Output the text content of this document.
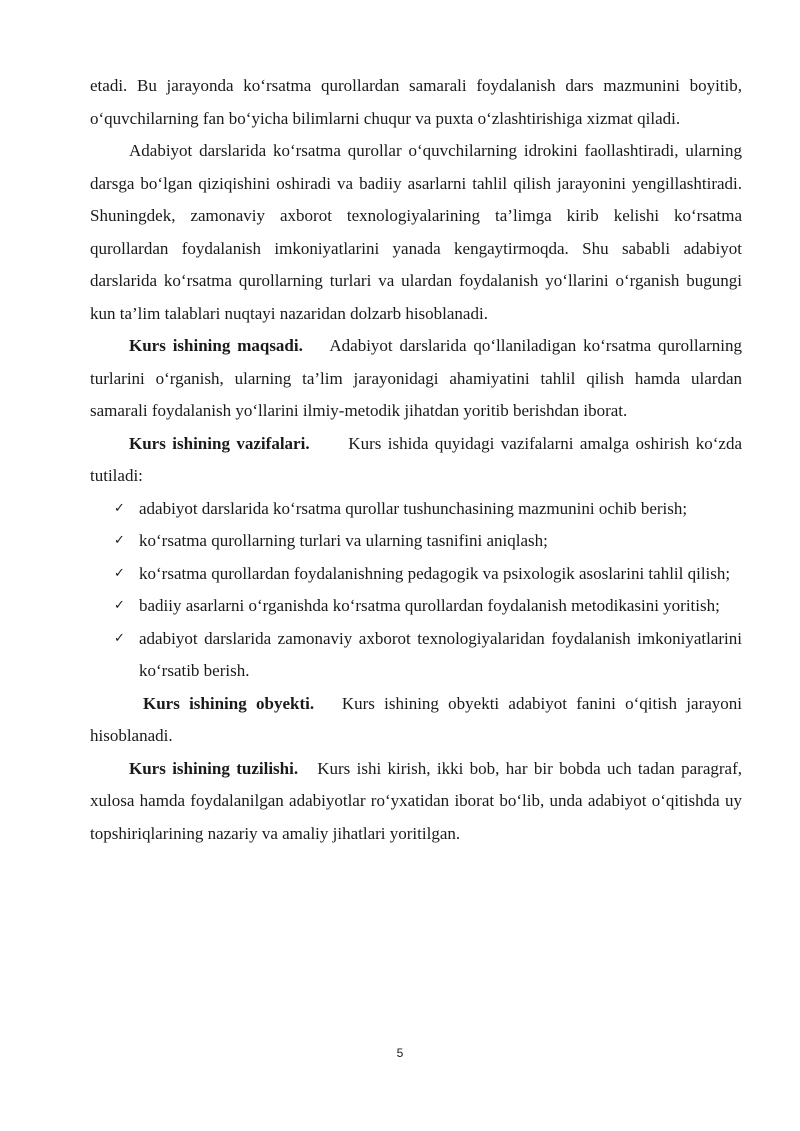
etadi. Bu jarayonda ko‘rsatma qurollardan samarali foydalanish dars mazmunini boyitib, o‘quvchilarning fan bo‘yicha bilimlarni chuqur va puxta o‘zlashtirishiga xizmat qiladi.

Adabiyot darslarida ko‘rsatma qurollar o‘quvchilarning idrokini faollashtiradi, ularning darsga bo‘lgan qiziqishini oshiradi va badiiy asarlarni tahlil qilish jarayonini yengillashtiradi. Shuningdek, zamonaviy axborot texnologiyalarining ta’limga kirib kelishi ko‘rsatma qurollardan foydalanish imkoniyatlarini yanada kengaytirmoqda. Shu sababli adabiyot darslarida ko‘rsatma qurollarning turlari va ulardan foydalanish yo‘llarini o‘rganish bugungi kun ta’lim talablari nuqtayi nazaridan dolzarb hisoblanadi.

Kurs ishining maqsadi. Adabiyot darslarida qo‘llaniladigan ko‘rsatma qurollarning turlarini o‘rganish, ularning ta’lim jarayonidagi ahamiyatini tahlil qilish hamda ulardan samarali foydalanish yo‘llarini ilmiy-metodik jihatdan yoritib berishdan iborat.

Kurs ishining vazifalari. Kurs ishida quyidagi vazifalarni amalga oshirish ko‘zda tutiladi:

✓ adabiyot darslarida ko‘rsatma qurollar tushunchasining mazmunini ochib berish;
✓ ko‘rsatma qurollarning turlari va ularning tasnifini aniqlash;
✓ ko‘rsatma qurollardan foydalanishning pedagogik va psixologik asoslarini tahlil qilish;
✓ badiiy asarlarni o‘rganishda ko‘rsatma qurollardan foydalanish metodikasini yoritish;
✓ adabiyot darslarida zamonaviy axborot texnologiyalaridan foydalanish imkoniyatlarini ko‘rsatib berish.

Kurs ishining obyekti. Kurs ishining obyekti adabiyot fanini o‘qitish jarayoni hisoblanadi.

Kurs ishining tuzilishi. Kurs ishi kirish, ikki bob, har bir bobda uch tadan paragraf, xulosa hamda foydalanilgan adabiyotlar ro‘yxatidan iborat bo‘lib, unda adabiyot o‘qitishda uy topshiriqlarining nazariy va amaliy jihatlari yoritilgan.

5
